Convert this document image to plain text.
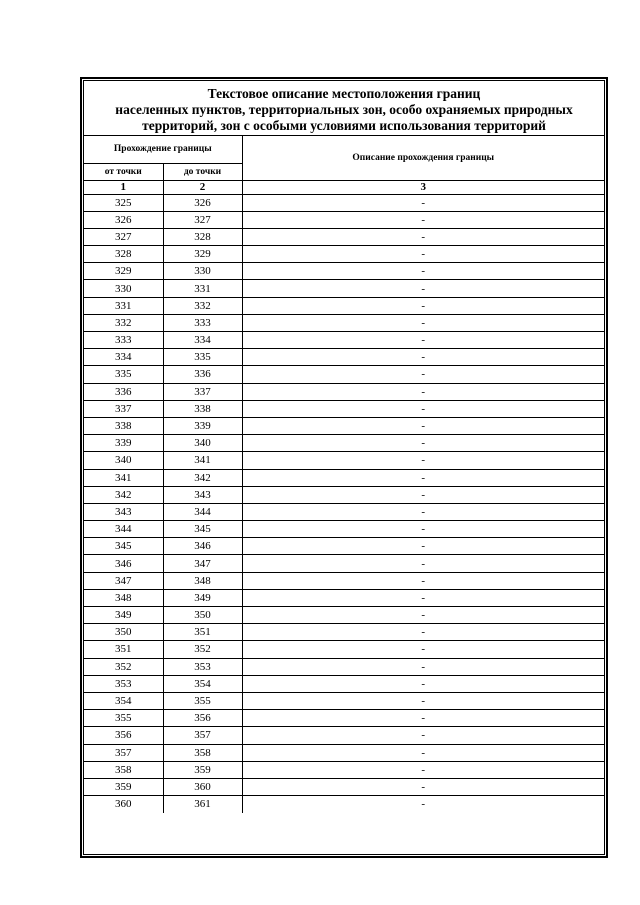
Текстовое описание местоположения границ
населенных пунктов, территориальных зон, особо охраняемых природных
территорий, зон с особыми условиями использования территорий
Прохождение границы		Описание прохождения границы
от точки	до точки	
1	2	3
325	326	-
326	327	-
327	328	-
328	329	-
329	330	-
330	331	-
331	332	-
332	333	-
333	334	-
334	335	-
335	336	-
336	337	-
337	338	-
338	339	-
339	340	-
340	341	-
341	342	-
342	343	-
343	344	-
344	345	-
345	346	-
346	347	-
347	348	-
348	349	-
349	350	-
350	351	-
351	352	-
352	353	-
353	354	-
354	355	-
355	356	-
356	357	-
357	358	-
358	359	-
359	360	-
360	361	-
